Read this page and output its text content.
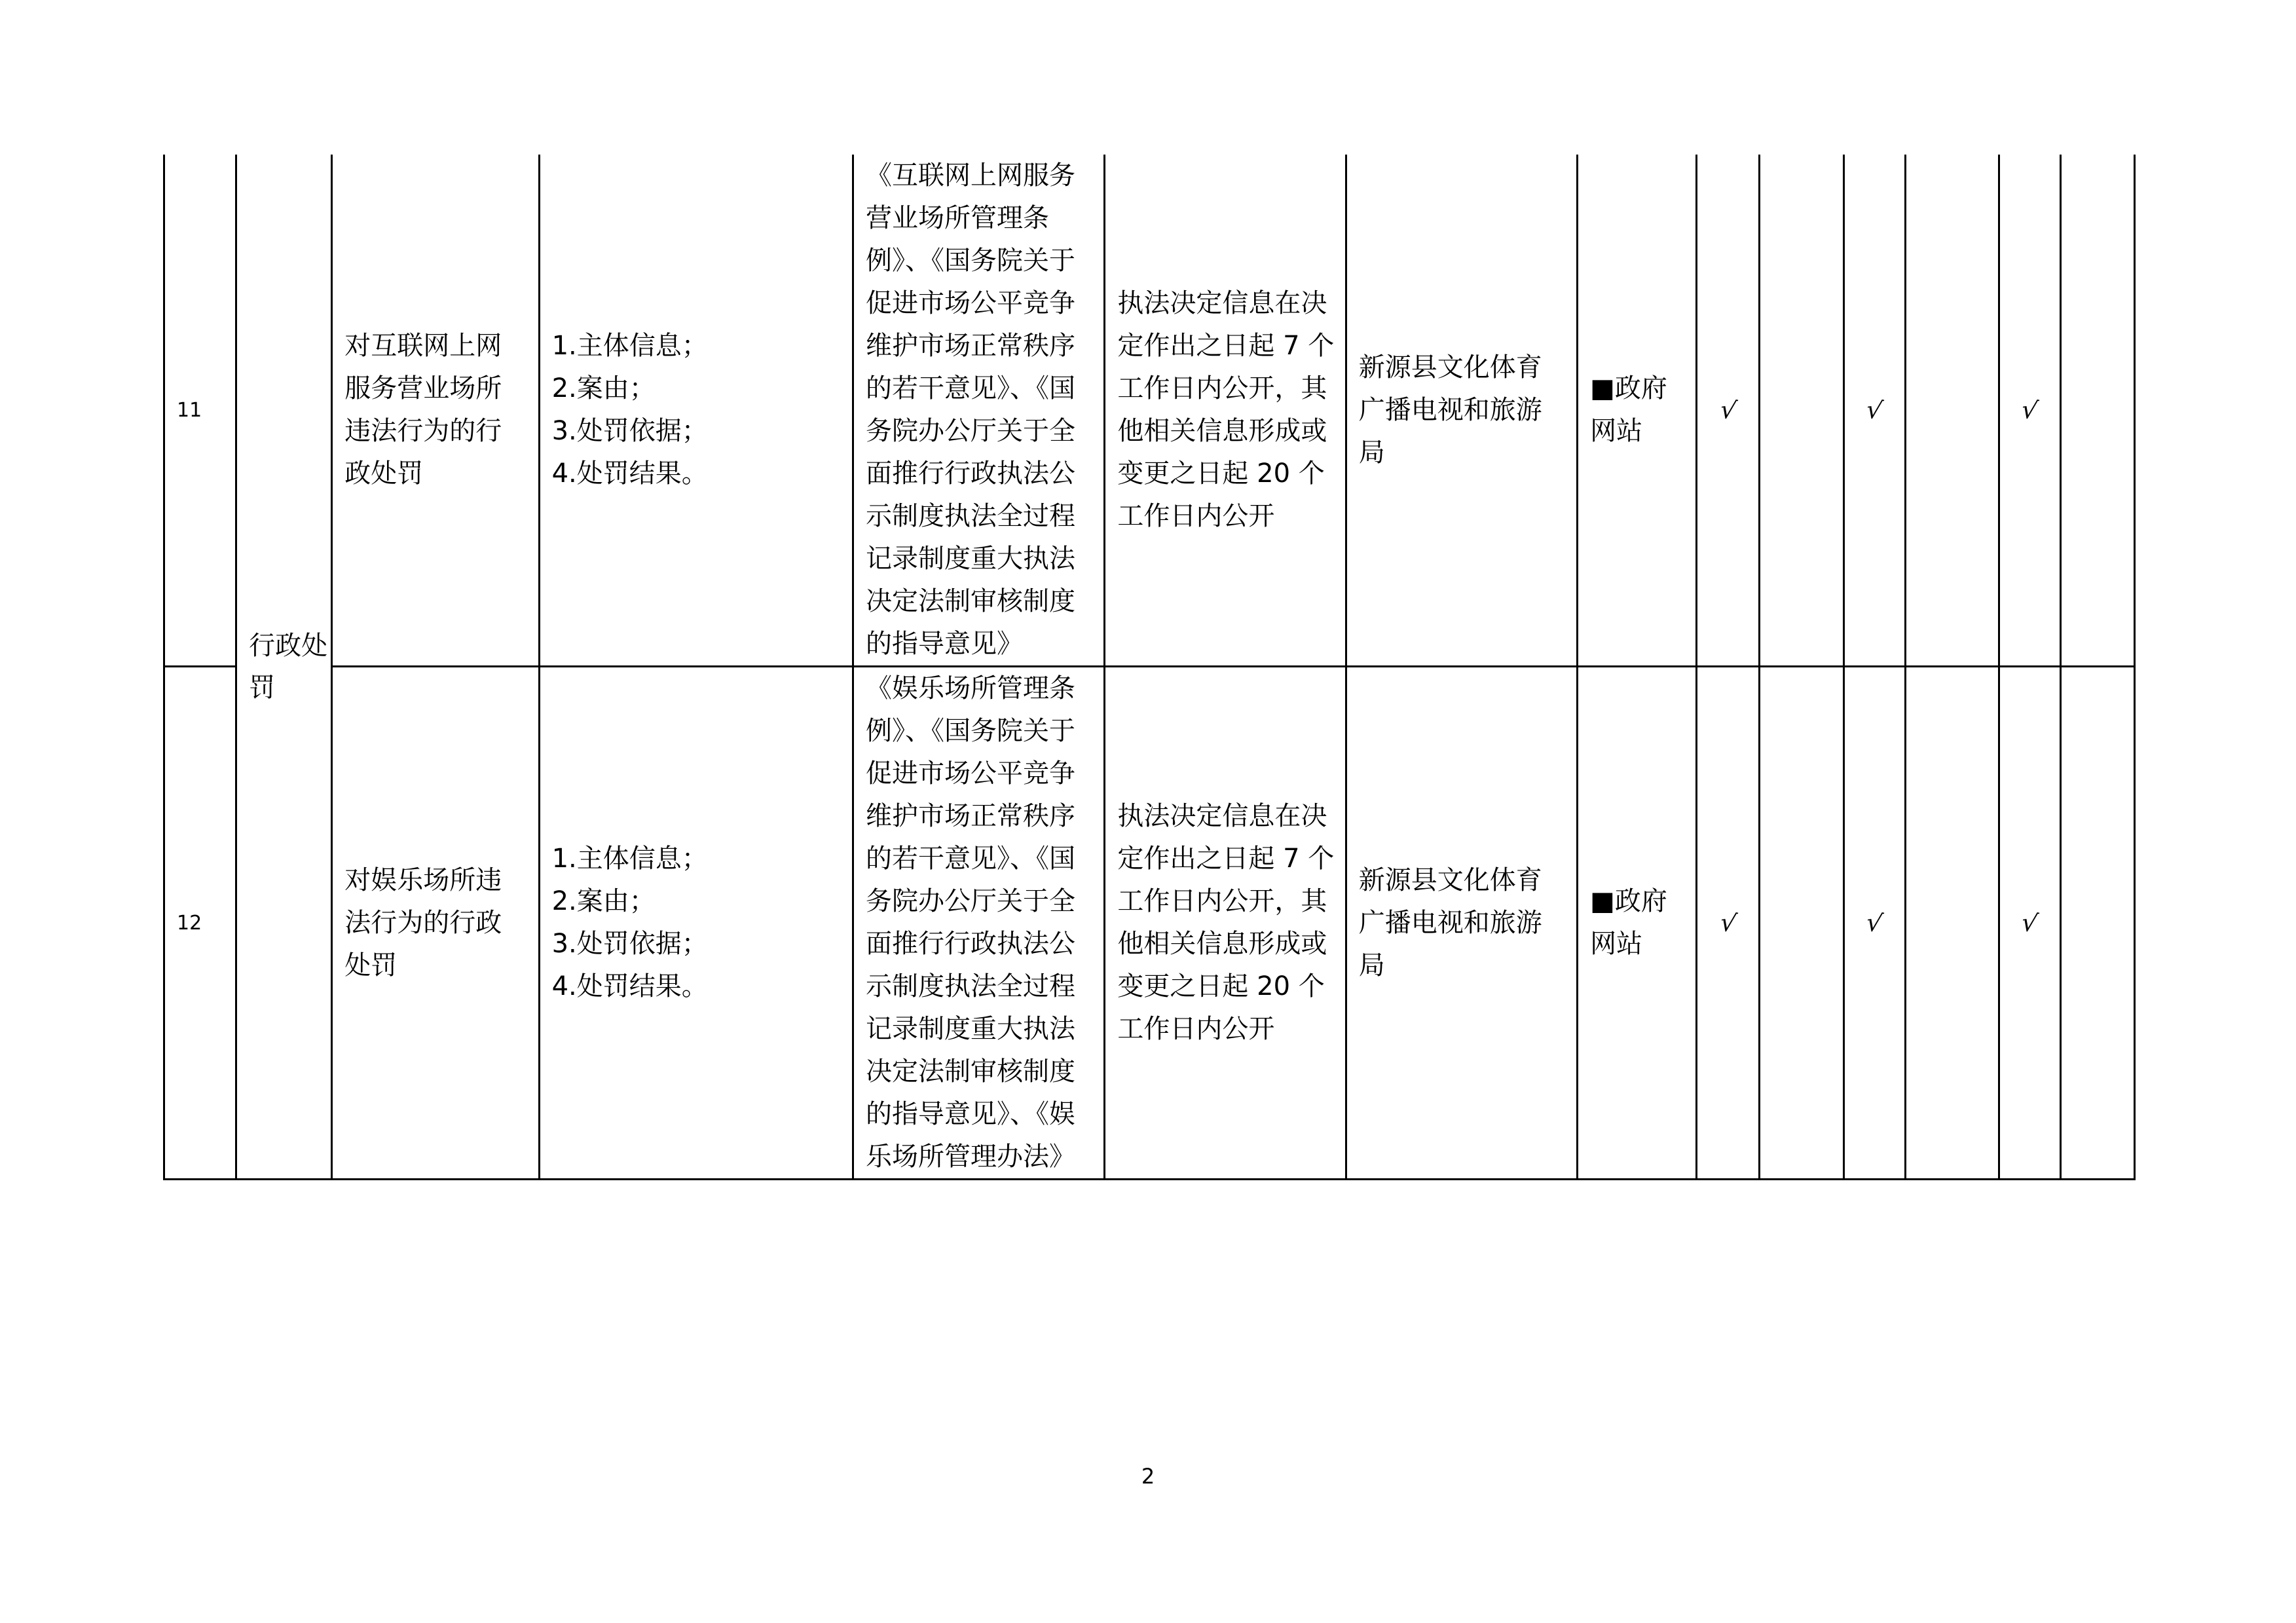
11	行政处罚	对互联网上网服务营业场所违法行为的行政处罚	1.主体信息；
2.案由；
3.处罚依据；
4.处罚结果。	《互联网上网服务营业场所管理条例》、《国务院关于促进市场公平竞争维护市场正常秩序的若干意见》、《国务院办公厅关于全面推行行政执法公示制度执法全过程记录制度重大执法决定法制审核制度的指导意见》	执法决定信息在决定作出之日起 7 个工作日内公开，其他相关信息形成或变更之日起 20 个工作日内公开	新源县文化体育广播电视和旅游局	■政府网站	√		√		√	
12		对娱乐场所违法行为的行政处罚	1.主体信息；
2.案由；
3.处罚依据；
4.处罚结果。	《娱乐场所管理条例》、《国务院关于促进市场公平竞争维护市场正常秩序的若干意见》、《国务院办公厅关于全面推行行政执法公示制度执法全过程记录制度重大执法决定法制审核制度的指导意见》、《娱乐场所管理办法》	执法决定信息在决定作出之日起 7 个工作日内公开，其他相关信息形成或变更之日起 20 个工作日内公开	新源县文化体育广播电视和旅游局	■政府网站	√		√		√	
2
